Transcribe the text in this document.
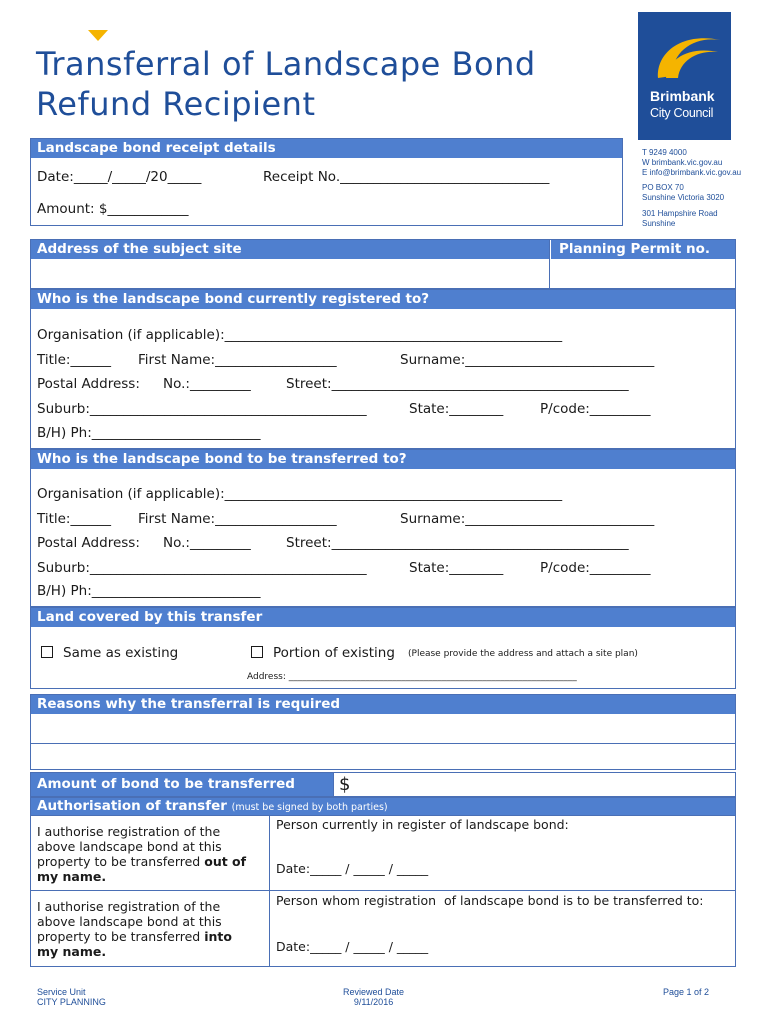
Transferral of Landscape Bond
Refund Recipient	Brimbank
City Council
T 9249 4000
W brimbank.vic.gov.au
E info@brimbank.vic.gov.au
PO BOX 70
Sunshine Victoria 3020
301 Hampshire Road
Sunshine
Landscape bond receipt details
Date:_____/_____/20_____	Receipt No._______________________________
Amount: $____________
Address of the subject site	Planning Permit no.
Who is the landscape bond currently registered to?
Organisation (if applicable):__________________________________________________
Title:______ First Name:__________________	Surname:____________________________
Postal Address: No.:_________	Street:____________________________________________
Suburb:_________________________________________	State:________	P/code:_________
B/H) Ph:_________________________
Who is the landscape bond to be transferred to?
Organisation (if applicable):__________________________________________________
Title:______ First Name:__________________	Surname:____________________________
Postal Address: No.:_________	Street:____________________________________________
Suburb:_________________________________________	State:________	P/code:_________
B/H) Ph:_________________________
Land covered by this transfer
Same as existing	Portion of existing (Please provide the address and attach a site plan)
Address: ________________________________________________________________
Reasons why the transferral is required
Amount of bond to be transferred	$
Authorisation of transfer (must be signed by both parties)
I authorise registration of the
above landscape bond at this
property to be transferred out of
my name.
Person currently in register of landscape bond:
Date:_____ / _____ / _____
I authorise registration of the
above landscape bond at this
property to be transferred into
my name.
Person whom registration  of landscape bond is to be transferred to:
Date:_____ / _____ / _____
Service Unit
CITY PLANNING
Reviewed Date
9/11/2016
Page 1 of 2
